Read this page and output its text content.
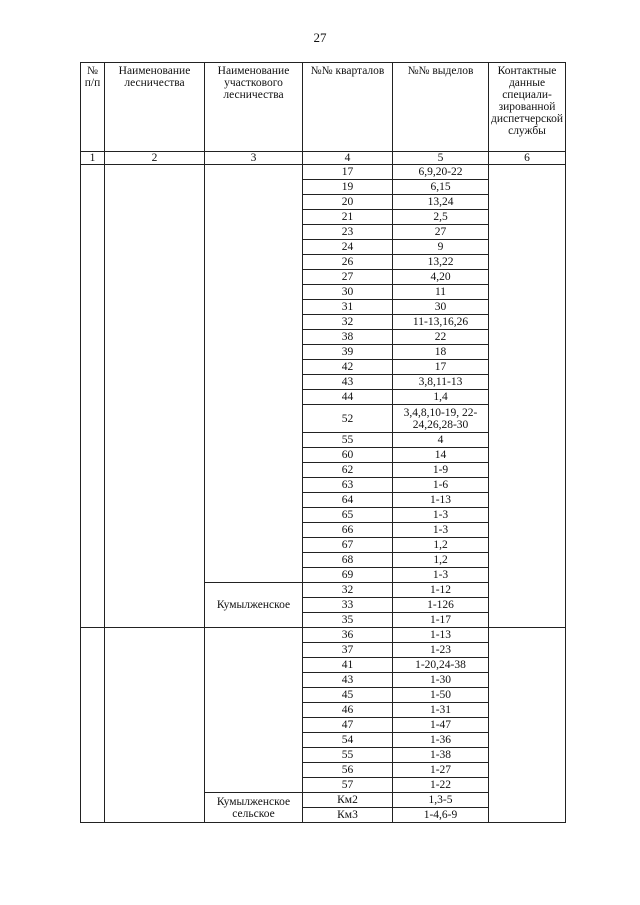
27
№ п/п	Наименование лесничества	Наименование участкового лесничества	№№ кварталов	№№ выделов	Контактные данные специали-зированной диспетчерской службы
1	2	3	4	5	6
			17	6,9,20-22	
			19	6,15	
			20	13,24	
			21	2,5	
			23	27	
			24	9	
			26	13,22	
			27	4,20	
			30	11	
			31	30	
			32	11-13,16,26	
			38	22	
			39	18	
			42	17	
			43	3,8,11-13	
			44	1,4	
			52	3,4,8,10-19, 22-24,26,28-30	
			55	4	
			60	14	
			62	1-9	
			63	1-6	
			64	1-13	
			65	1-3	
			66	1-3	
			67	1,2	
			68	1,2	
			69	1-3	
		Кумылженское	32	1-12	
			33	1-126	
			35	1-17	
			36	1-13	
			37	1-23	
			41	1-20,24-38	
			43	1-30	
			45	1-50	
			46	1-31	
			47	1-47	
			54	1-36	
			55	1-38	
			56	1-27	
			57	1-22	
		Кумылженское сельское	Км2	1,3-5	
			Км3	1-4,6-9	
